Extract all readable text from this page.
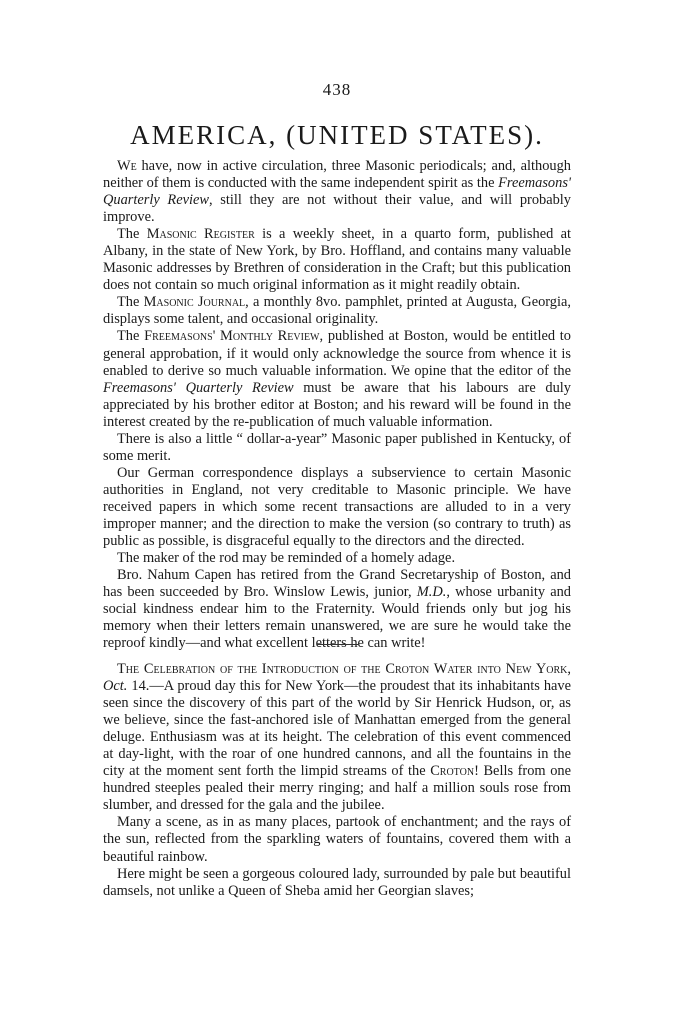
438
AMERICA, (UNITED STATES).

We have, now in active circulation, three Masonic periodicals; and, although neither of them is conducted with the same independent spirit as the Freemasons' Quarterly Review, still they are not without their value, and will probably improve.

The Masonic Register is a weekly sheet, in a quarto form, published at Albany, in the state of New York, by Bro. Hoffland, and contains many valuable Masonic addresses by Brethren of consideration in the Craft; but this publication does not contain so much original information as it might readily obtain.

The Masonic Journal, a monthly 8vo. pamphlet, printed at Augusta, Georgia, displays some talent, and occasional originality.

The Freemasons' Monthly Review, published at Boston, would be entitled to general approbation, if it would only acknowledge the source from whence it is enabled to derive so much valuable information. We opine that the editor of the Freemasons' Quarterly Review must be aware that his labours are duly appreciated by his brother editor at Boston; and his reward will be found in the interest created by the re-publication of much valuable information.

There is also a little “ dollar-a-year” Masonic paper published in Kentucky, of some merit.

Our German correspondence displays a subservience to certain Masonic authorities in England, not very creditable to Masonic principle. We have received papers in which some recent transactions are alluded to in a very improper manner; and the direction to make the version (so contrary to truth) as public as possible, is disgraceful equally to the directors and the directed.

The maker of the rod may be reminded of a homely adage.

Bro. Nahum Capen has retired from the Grand Secretaryship of Boston, and has been succeeded by Bro. Winslow Lewis, junior, M.D., whose urbanity and social kindness endear him to the Fraternity. Would friends only but jog his memory when their letters remain unanswered, we are sure he would take the reproof kindly—and what excellent letters he can write!

The Celebration of the Introduction of the Croton Water into New York, Oct. 14.—A proud day this for New York—the proudest that its inhabitants have seen since the discovery of this part of the world by Sir Henrick Hudson, or, as we believe, since the fast-anchored isle of Manhattan emerged from the general deluge. Enthusiasm was at its height. The celebration of this event commenced at day-light, with the roar of one hundred cannons, and all the fountains in the city at the moment sent forth the limpid streams of the Croton! Bells from one hundred steeples pealed their merry ringing; and half a million souls rose from slumber, and dressed for the gala and the jubilee.

Many a scene, as in as many places, partook of enchantment; and the rays of the sun, reflected from the sparkling waters of fountains, covered them with a beautiful rainbow.

Here might be seen a gorgeous coloured lady, surrounded by pale but beautiful damsels, not unlike a Queen of Sheba amid her Georgian slaves;
